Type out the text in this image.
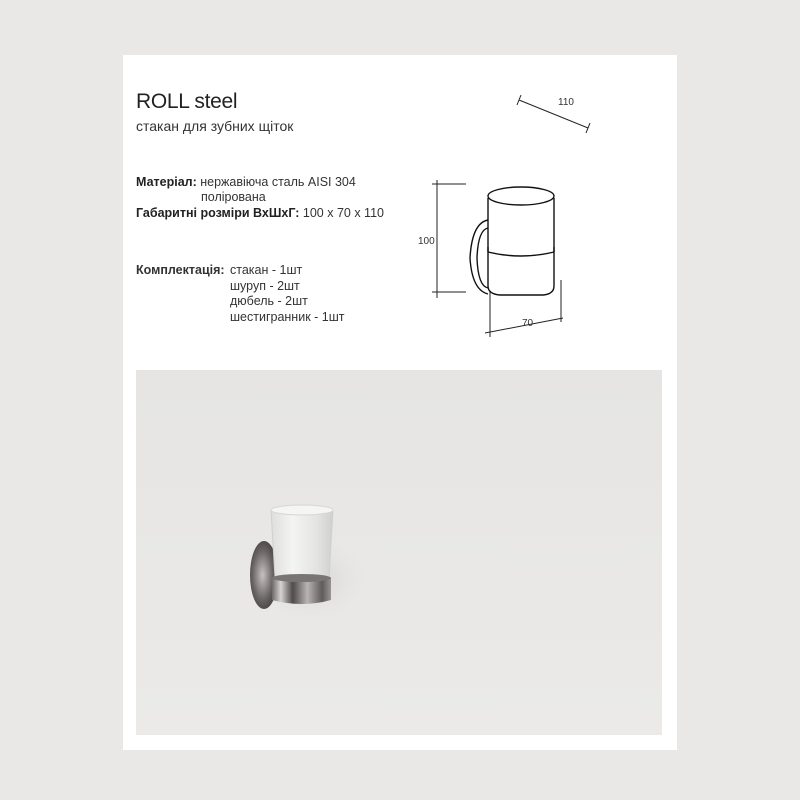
ROLL steel
стакан для зубних щіток
Матеріал: нержавіюча сталь AISI 304
полірована
Габаритні розміри ВхШхГ: 100 х 70 х 110
Комплектація: стакан - 1шт
шуруп - 2шт
дюбель - 2шт
шестигранник - 1шт
110
100
70
